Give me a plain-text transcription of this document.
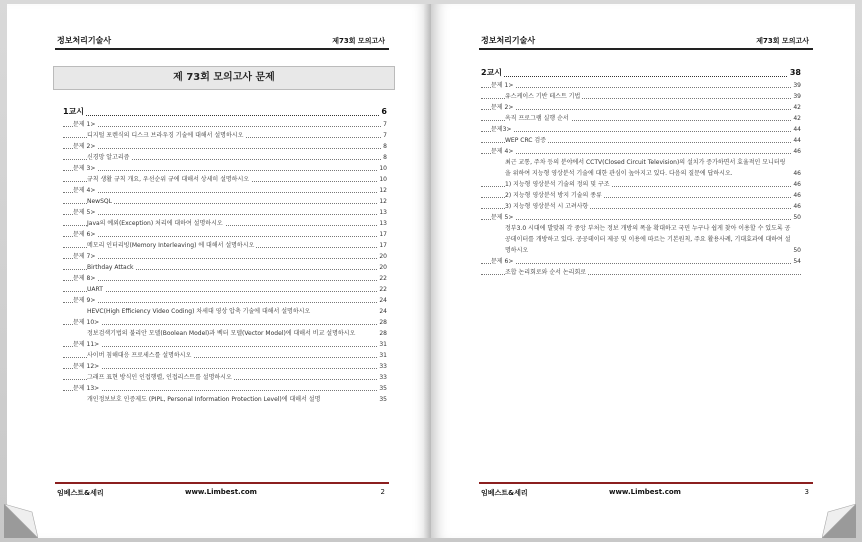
정보처리기술사	제73회 모의고사
제 73회 모의고사 문제
1교시	6
문제 1>	7
디지털 포렌식의 디스크 브라우징 기술에 대해서 설명하시오	7
문제 2>	8
신경망 알고리즘	8
문제 3>	10
규칙 생활 규칙 개요, 우선순위 규에 대해서 상세히 설명하시오	10
문제 4>	12
NewSQL	12
문제 5>	13
Java의 예외(Exception) 처리에 대하여 설명하시오	13
문제 6>	17
메모리 인터리빙(Memory Interleaving) 에 대해서 설명하시오	17
문제 7>	20
Birthday Attack	20
문제 8>	22
UART	22
문제 9>	24
HEVC(High Efficiency Video Coding) 차세대 영상 압축 기술에 대해서 설명하시오	24
문제 10>	28
정보검색기법의 불리안 모델(Boolean Model)과 벡터 모델(Vector Model)에 대해서 비교 설명하시오	28
문제 11>	31
사이버 침해대응 프로세스를 설명하시오	31
문제 12>	33
그래프 표현 방식인 인접행렬, 인접리스트를 설명하시오	33
문제 13>	35
개인정보보호 인증제도 (PIPL, Personal Information Protection Level)에 대해서 설명	35
임베스트&세리	www.Limbest.com	2
정보처리기술사	제73회 모의고사
2교시	38
문제 1>	39
유스케이스 기반 테스트 기법	39
문제 2>	42
옥직 프로그램 실행 순서	42
문제3>	44
WEP CRC 검증	44
문제 4>	46
최근 교통, 주차 등의 분야에서 CCTV(Closed Circuit Television)의 설치가 증가하면서 효율적인 모니터링을 위하여 지능형 영상분석 기술에 대한 관심이 높아지고 있다. 다음의 질문에 답하시오.	46
1) 지능형 영상분석 기술의 정의 및 구조	46
2) 지능형 영상분석 방지 기술의 종류	46
3) 지능형 영상분석 시 고려사항	46
문제 5>	50
정부3.0 시대에 발맞춰 각 중앙 부처는 정보 개방의 폭을 확대하고 국민 누구나 쉽게 찾아 이용할 수 있도록 공공데이터를 개방하고 있다. 공공데이터 제공 및 이용에 따르는 기본원칙, 주요 활용사례, 기대효과에 대하여 설명하시오	50
문제 6>	54
조합 논리회로와 순서 논리회로
임베스트&세리	www.Limbest.com	3
